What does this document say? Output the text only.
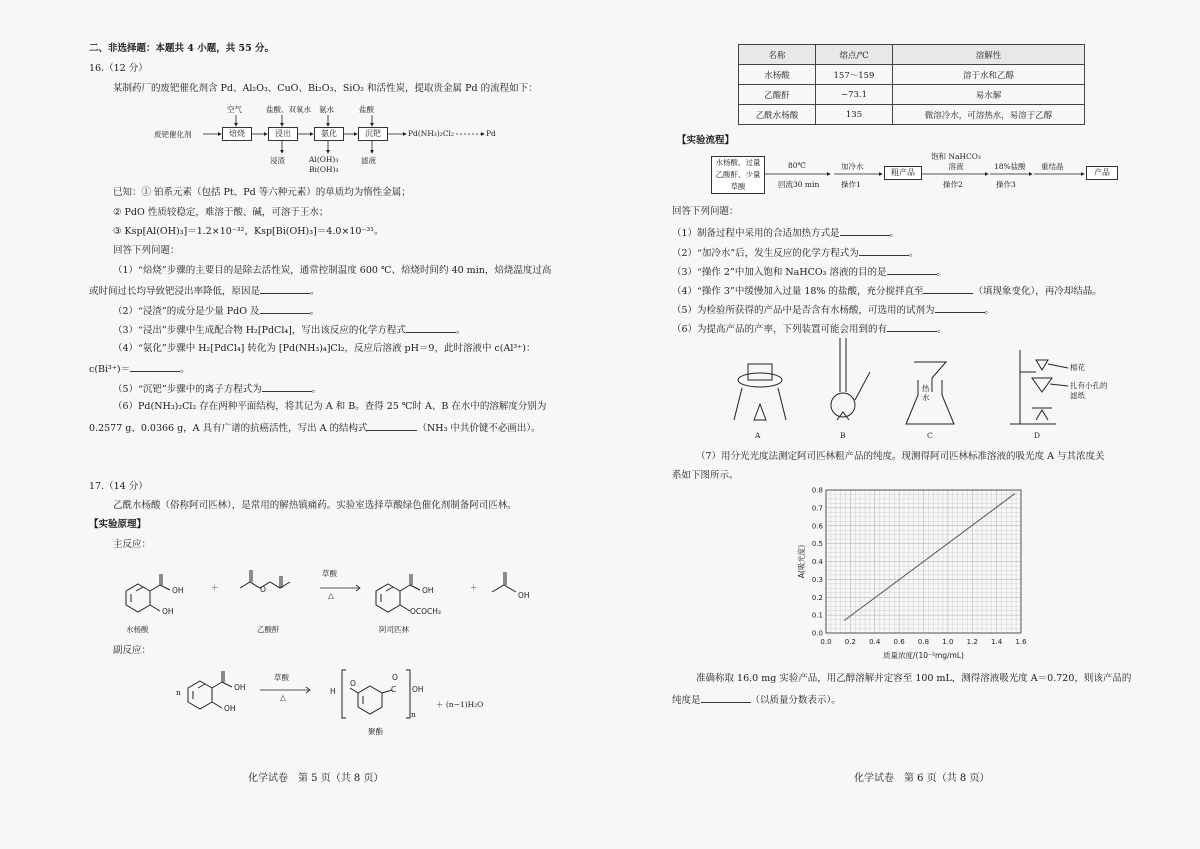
二、非选择题：本题共 4 小题，共 55 分。
16.（12 分）
某制药厂的废钯催化剂含 Pd、Al₂O₃、CuO、Bi₂O₃、SiO₂ 和活性炭，提取贵金属 Pd 的流程如下：
废钯催化剂
空气	盐酸、双氧水 氨水	盐酸
焙烧	浸出	氨化	沉钯
浸渣	Al(OH)₃
Bi(OH)₃
滤液
Pd(NH₃)₂Cl₂	Pd
已知：① 铂系元素（包括 Pt、Pd 等六种元素）的单质均为惰性金属；
② PdO 性质较稳定，难溶于酸、碱，可溶于王水；
③ Ksp[Al(OH)₃]＝1.2×10⁻³²，Ksp[Bi(OH)₃]＝4.0×10⁻³¹。
回答下列问题：
（1）“焙烧”步骤的主要目的是除去活性炭，通常控制温度 600 ℃、焙烧时间约 40 min，焙烧温度过高
或时间过长均导致钯浸出率降低，原因是	。
（2）“浸渣”的成分是少量 PdO 及	。
（3）“浸出”步骤中生成配合物 H₂[PdCl₄]，写出该反应的化学方程式	。
（4）“氨化”步骤中 H₂[PdCl₄] 转化为 [Pd(NH₃)₄]Cl₂，反应后溶液 pH＝9，此时溶液中 c(Al³⁺)：
c(Bi³⁺)＝	。
（5）“沉钯”步骤中的离子方程式为	。
（6）Pd(NH₃)₂Cl₂ 存在两种平面结构，将其记为 A 和 B。查得 25 ℃时 A、B 在水中的溶解度分别为
0.2577 g、0.0366 g，A 具有广谱的抗癌活性，写出 A 的结构式	（NH₃ 中共价键不必画出）。
17.（14 分）
乙酰水杨酸（俗称阿司匹林），是常用的解热镇痛药。实验室选择草酸绿色催化剂制备阿司匹林。
【实验原理】
主反应：
OH
OH
＋	O	OH
OCOCH₃
＋
OH
OH
OH
H
O
C
O
OH
草酸
△
水杨酸	乙酸酐	阿司匹林
副反应：
n
草酸
△
n
＋ (n−1)H₂O
聚酯
化学试卷　第 5 页（共 8 页）
名称	熔点/℃	溶解性
水杨酸	157～159	溶于水和乙醇
乙酸酐	−73.1	易水解
乙酰水杨酸	135	微溶冷水，可溶热水，易溶于乙醇
【实验流程】
水杨酸、过量乙酸酐、少量草酸
80℃
回流30 min
加冷水
操作1
粗产品
饱和 NaHCO₃溶液
操作2
18%盐酸
操作3
重结晶
产品
回答下列问题：
（1）制备过程中采用的合适加热方式是	。
（2）“加冷水”后，发生反应的化学方程式为	。
（3）“操作 2”中加入饱和 NaHCO₃ 溶液的目的是	。
（4）“操作 3”中缓慢加入过量 18% 的盐酸，充分搅拌直至	（填现象变化），再冷却结晶。
（5）为检验所获得的产品中是否含有水杨酸，可选用的试剂为	。
（6）为提高产品的产率，下列装置可能会用到的有	。
A	B	C	D
热水
棉花
扎有小孔的滤纸
（7）用分光光度法测定阿司匹林粗产品的纯度。现测得阿司匹林标准溶液的吸光度 A 与其浓度关
系如下图所示。
0.0 0.2 0.4 0.6 0.8 1.0 1.2 1.4 1.6
0.0
0.1
0.2
0.3
0.4
0.5
0.6
0.7
0.8
质量浓度/(10⁻²mg/mL)
A(吸光度)
准确称取 16.0 mg 实验产品，用乙醇溶解并定容至 100 mL，测得溶液吸光度 A＝0.720，则该产品的
纯度是	（以质量分数表示）。
化学试卷　第 6 页（共 8 页）
